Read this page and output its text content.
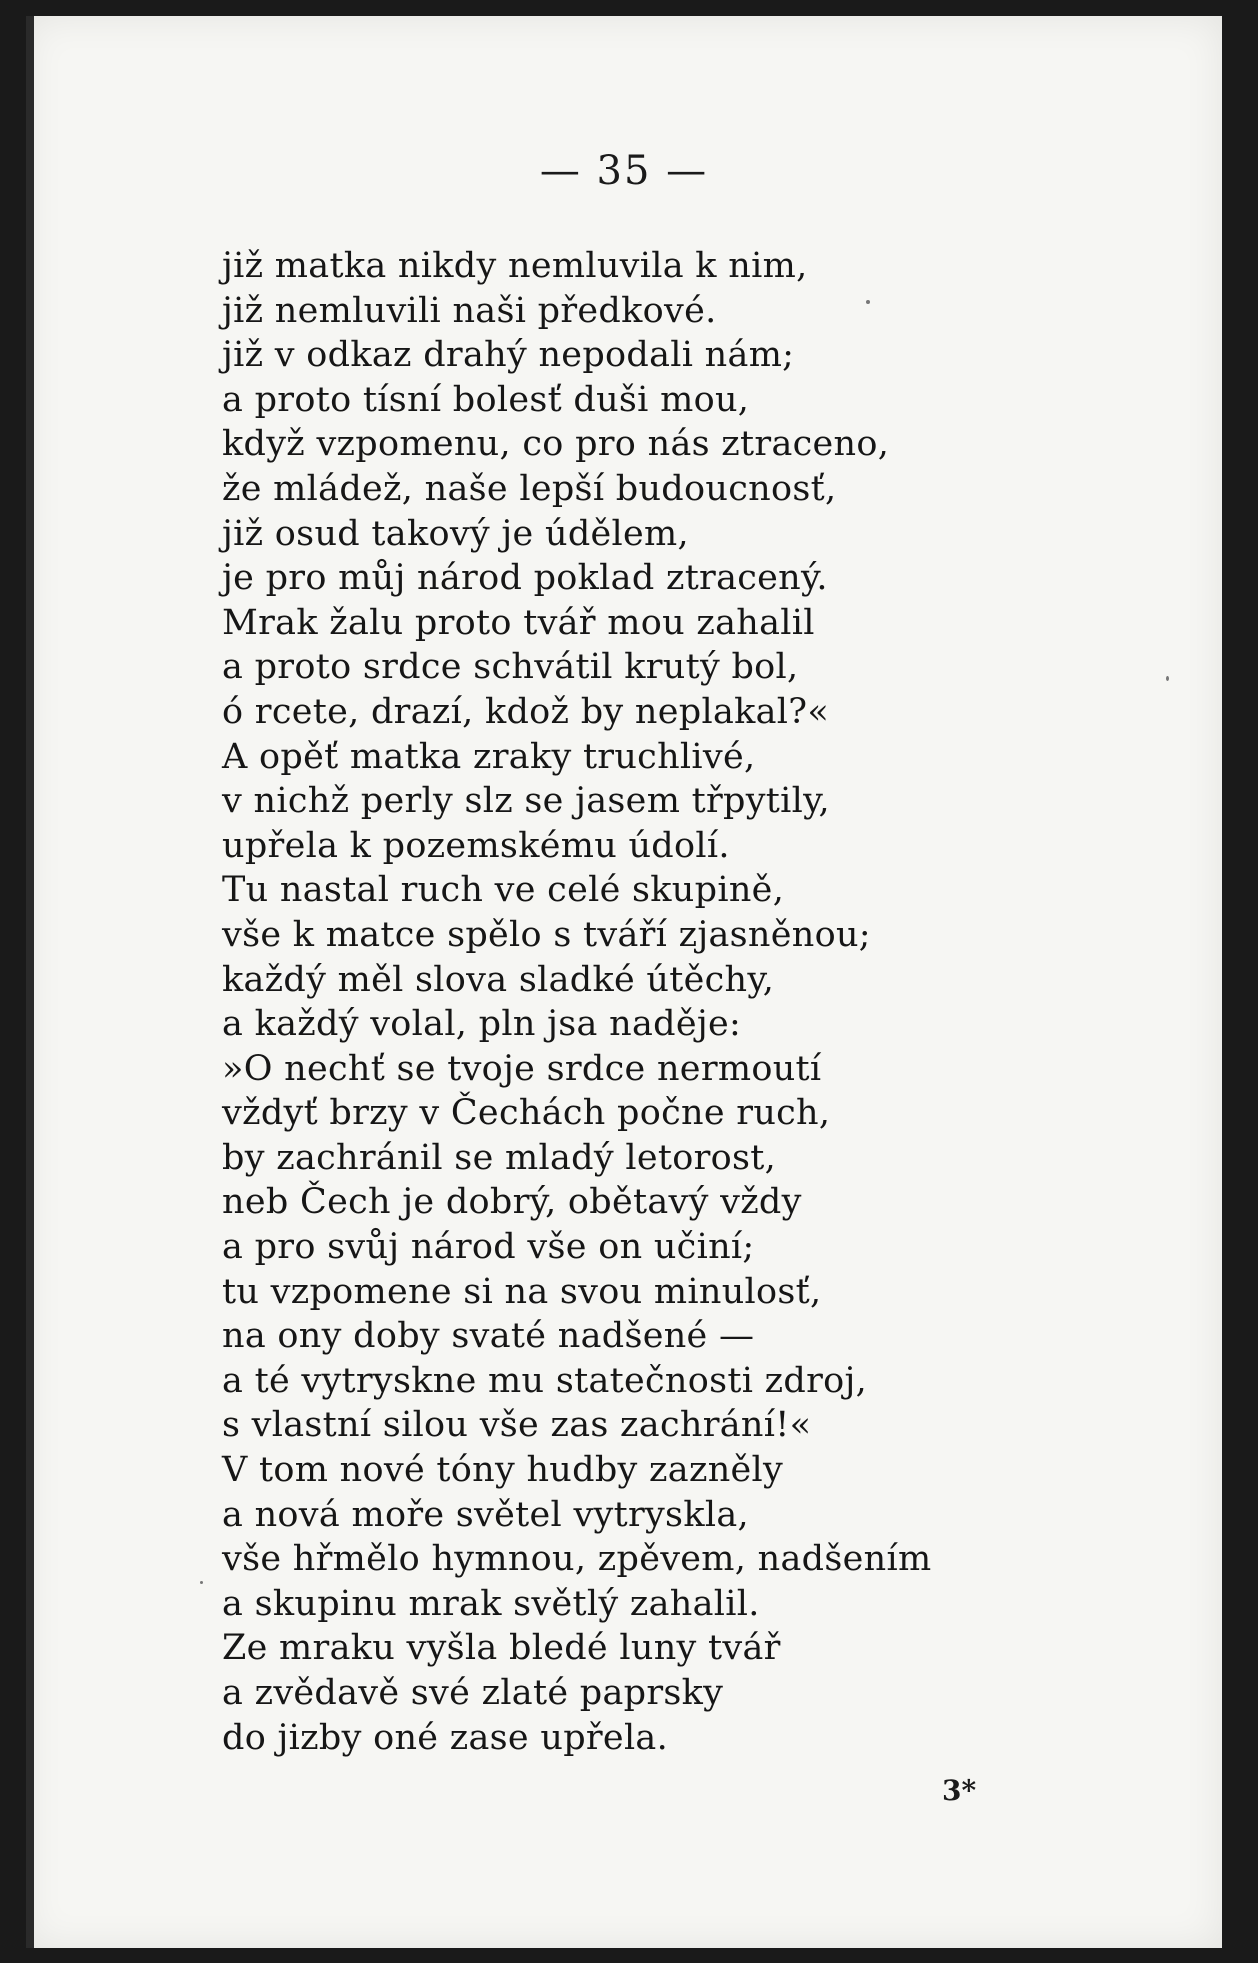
— 35 —
již matka nikdy nemluvila k nim,
již nemluvili naši předkové.
již v odkaz drahý nepodali nám;
a proto tísní bolesť duši mou,
když vzpomenu, co pro nás ztraceno,
že mládež, naše lepší budoucnosť,
již osud takový je údělem,
je pro můj národ poklad ztracený.
Mrak žalu proto tvář mou zahalil
a proto srdce schvátil krutý bol,
ó rcete, drazí, kdož by neplakal?«
A opěť matka zraky truchlivé,
v nichž perly slz se jasem třpytily,
upřela k pozemskému údolí.
Tu nastal ruch ve celé skupině,
vše k matce spělo s tváří zjasněnou;
každý měl slova sladké útěchy,
a každý volal, pln jsa naděje:
»O nechť se tvoje srdce nermoutí
vždyť brzy v Čechách počne ruch,
by zachránil se mladý letorost,
neb Čech je dobrý, obětavý vždy
a pro svůj národ vše on učiní;
tu vzpomene si na svou minulosť,
na ony doby svaté nadšené —
a té vytryskne mu statečnosti zdroj,
s vlastní silou vše zas zachrání!«
V tom nové tóny hudby zazněly
a nová moře světel vytryskla,
vše hřmělo hymnou, zpěvem, nadšením
a skupinu mrak světlý zahalil.
Ze mraku vyšla bledé luny tvář
a zvědavě své zlaté paprsky
do jizby oné zase upřela.
3*
